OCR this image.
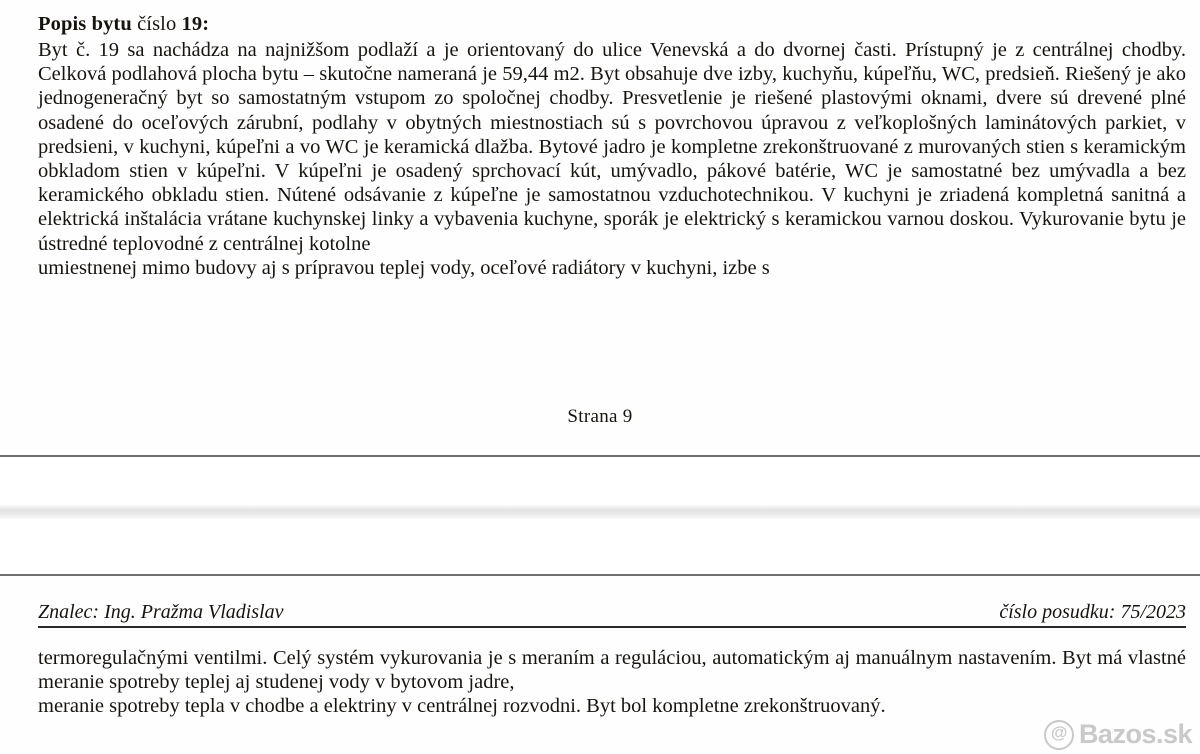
Popis bytu číslo 19:

Byt č. 19 sa nachádza na najnižšom podlaží a je orientovaný do ulice Venevská a do dvornej časti. Prístupný je z centrálnej chodby. Celková podlahová plocha bytu – skutočne nameraná je 59,44 m2. Byt obsahuje dve izby, kuchyňu, kúpeľňu, WC, predsieň. Riešený je ako jednogeneračný byt so samostatným vstupom zo spoločnej chodby. Presvetlenie je riešené plastovými oknami, dvere sú drevené plné osadené do oceľových zárubní, podlahy v obytných miestnostiach sú s povrchovou úpravou z veľkoplošných laminátových parkiet, v predsieni, v kuchyni, kúpeľni a vo WC je keramická dlažba. Bytové jadro je kompletne zrekonštruované z murovaných stien s keramickým obkladom stien v kúpeľni. V kúpeľni je osadený sprchovací kút, umývadlo, pákové batérie, WC je samostatné bez umývadla a bez keramického obkladu stien. Nútené odsávanie z kúpeľne je samostatnou vzduchotechnikou. V kuchyni je zriadená kompletná sanitná a elektrická inštalácia vrátane kuchynskej linky a vybavenia kuchyne, sporák je elektrický s keramickou varnou doskou. Vykurovanie bytu je ústredné teplovodné z centrálnej kotolne
umiestnenej mimo budovy aj s prípravou teplej vody, oceľové radiátory v kuchyni, izbe s

Strana 9
Znalec: Ing. Pražma Vladislav	číslo posudku: 75/2023

termoregulačnými ventilmi. Celý systém vykurovania je s meraním a reguláciou, automatickým aj manuálnym nastavením. Byt má vlastné meranie spotreby teplej aj studenej vody v bytovom jadre,
meranie spotreby tepla v chodbe a elektriny v centrálnej rozvodni. Byt bol kompletne zrekonštruovaný.

@ Bazos.sk
